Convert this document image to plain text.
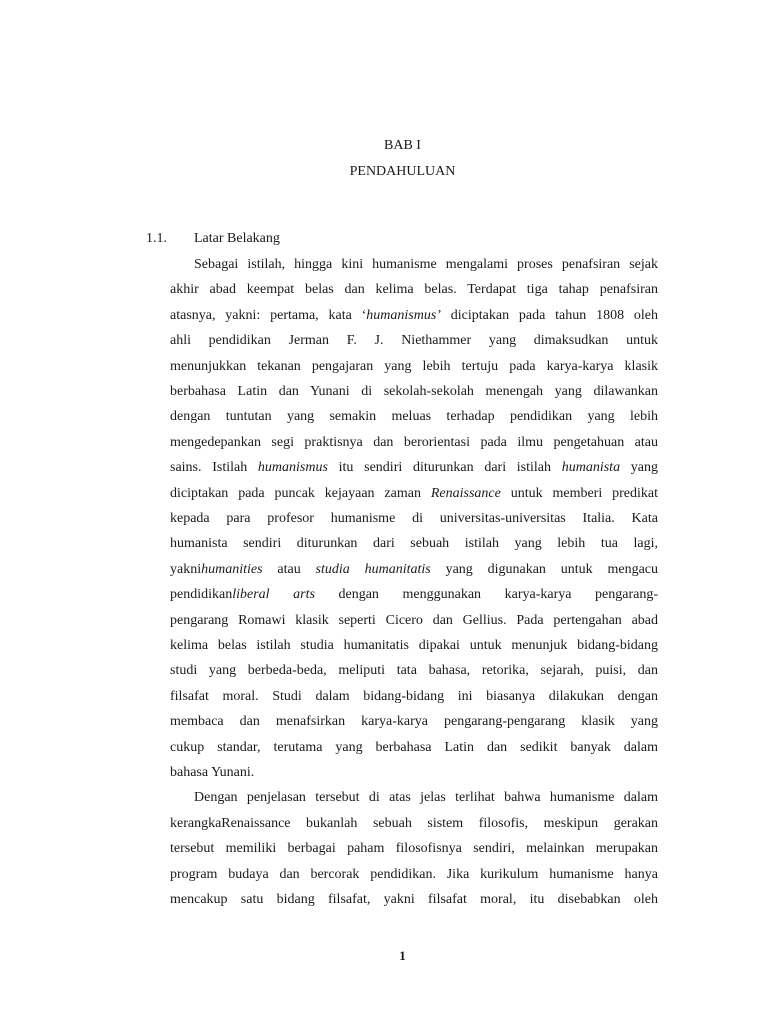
BAB I
PENDAHULUAN
1.1. Latar Belakang
Sebagai istilah, hingga kini humanisme mengalami proses penafsiran sejak
akhir abad keempat belas dan kelima belas. Terdapat tiga tahap penafsiran
atasnya, yakni: pertama, kata ‘humanismus’ diciptakan pada tahun 1808 oleh
ahli pendidikan Jerman F. J. Niethammer yang dimaksudkan untuk
menunjukkan tekanan pengajaran yang lebih tertuju pada karya-karya klasik
berbahasa Latin dan Yunani di sekolah-sekolah menengah yang dilawankan
dengan tuntutan yang semakin meluas terhadap pendidikan yang lebih
mengedepankan segi praktisnya dan berorientasi pada ilmu pengetahuan atau
sains. Istilah humanismus itu sendiri diturunkan dari istilah humanista yang
diciptakan pada puncak kejayaan zaman Renaissance untuk memberi predikat
kepada para profesor humanisme di universitas-universitas Italia. Kata
humanista sendiri diturunkan dari sebuah istilah yang lebih tua lagi,
yaknihumanities atau studia humanitatis yang digunakan untuk mengacu
pendidikanliberal arts dengan menggunakan karya-karya pengarang-
pengarang Romawi klasik seperti Cicero dan Gellius. Pada pertengahan abad
kelima belas istilah studia humanitatis dipakai untuk menunjuk bidang-bidang
studi yang berbeda-beda, meliputi tata bahasa, retorika, sejarah, puisi, dan
filsafat moral. Studi dalam bidang-bidang ini biasanya dilakukan dengan
membaca dan menafsirkan karya-karya pengarang-pengarang klasik yang
cukup standar, terutama yang berbahasa Latin dan sedikit banyak dalam
bahasa Yunani.
Dengan penjelasan tersebut di atas jelas terlihat bahwa humanisme dalam
kerangkaRenaissance bukanlah sebuah sistem filosofis, meskipun gerakan
tersebut memiliki berbagai paham filosofisnya sendiri, melainkan merupakan
program budaya dan bercorak pendidikan. Jika kurikulum humanisme hanya
mencakup satu bidang filsafat, yakni filsafat moral, itu disebabkan oleh
1
